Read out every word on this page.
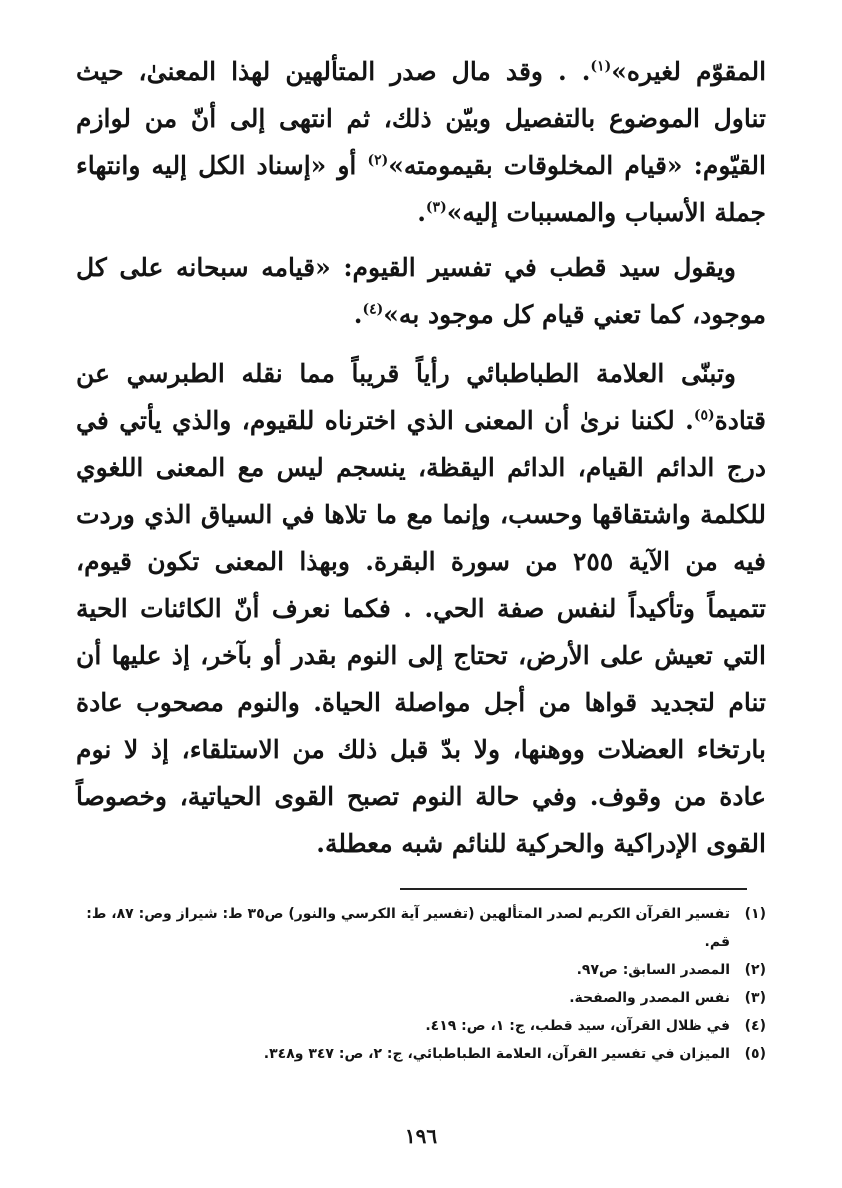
المقوّم لغيره»$^{(١)}$. . وقد مال صدر المتألهين لهذا المعنىٰ، حيث تناول الموضوع بالتفصيل وبيّن ذلك، ثم انتهى إلى أنّ من لوازم القيّوم: «قيام المخلوقات بقيمومته»$^{(٢)}$ أو «إسناد الكل إليه وانتهاء جملة الأسباب والمسببات إليه»$^{(٣)}$.

ويقول سيد قطب في تفسير القيوم: «قيامه سبحانه على كل موجود، كما تعني قيام كل موجود به»$^{(٤)}$.

وتبنّى العلامة الطباطبائي رأياً قريباً مما نقله الطبرسي عن قتادة$^{(٥)}$. لكننا نرىٰ أن المعنى الذي اخترناه للقيوم، والذي يأتي في درج الدائم القيام، الدائم اليقظة، ينسجم ليس مع المعنى اللغوي للكلمة واشتقاقها وحسب، وإنما مع ما تلاها في السياق الذي وردت فيه من الآية ٢٥٥ من سورة البقرة. وبهذا المعنى تكون قيوم، تتميماً وتأكيداً لنفس صفة الحي. . فكما نعرف أنّ الكائنات الحية التي تعيش على الأرض، تحتاج إلى النوم بقدر أو بآخر، إذ عليها أن تنام لتجديد قواها من أجل مواصلة الحياة. والنوم مصحوب عادة بارتخاء العضلات ووهنها، ولا بدّ قبل ذلك من الاستلقاء، إذ لا نوم عادة من وقوف. وفي حالة النوم تصبح القوى الحياتية، وخصوصاً القوى الإدراكية والحركية للنائم شبه معطلة.

(١)
تفسير القرآن الكريم لصدر المتألهين (تفسير آية الكرسي والنور) ص٣٥ ط: شيراز وص: ٨٧، ط: قم.
(٢)
المصدر السابق: ص٩٧.
(٣)
نفس المصدر والصفحة.
(٤)
في ظلال القرآن، سيد قطب، ج: ١، ص: ٤١٩.
(٥)
الميزان في تفسير القرآن، العلامة الطباطبائي، ج: ٢، ص: ٣٤٧ و٣٤٨.
١٩٦
